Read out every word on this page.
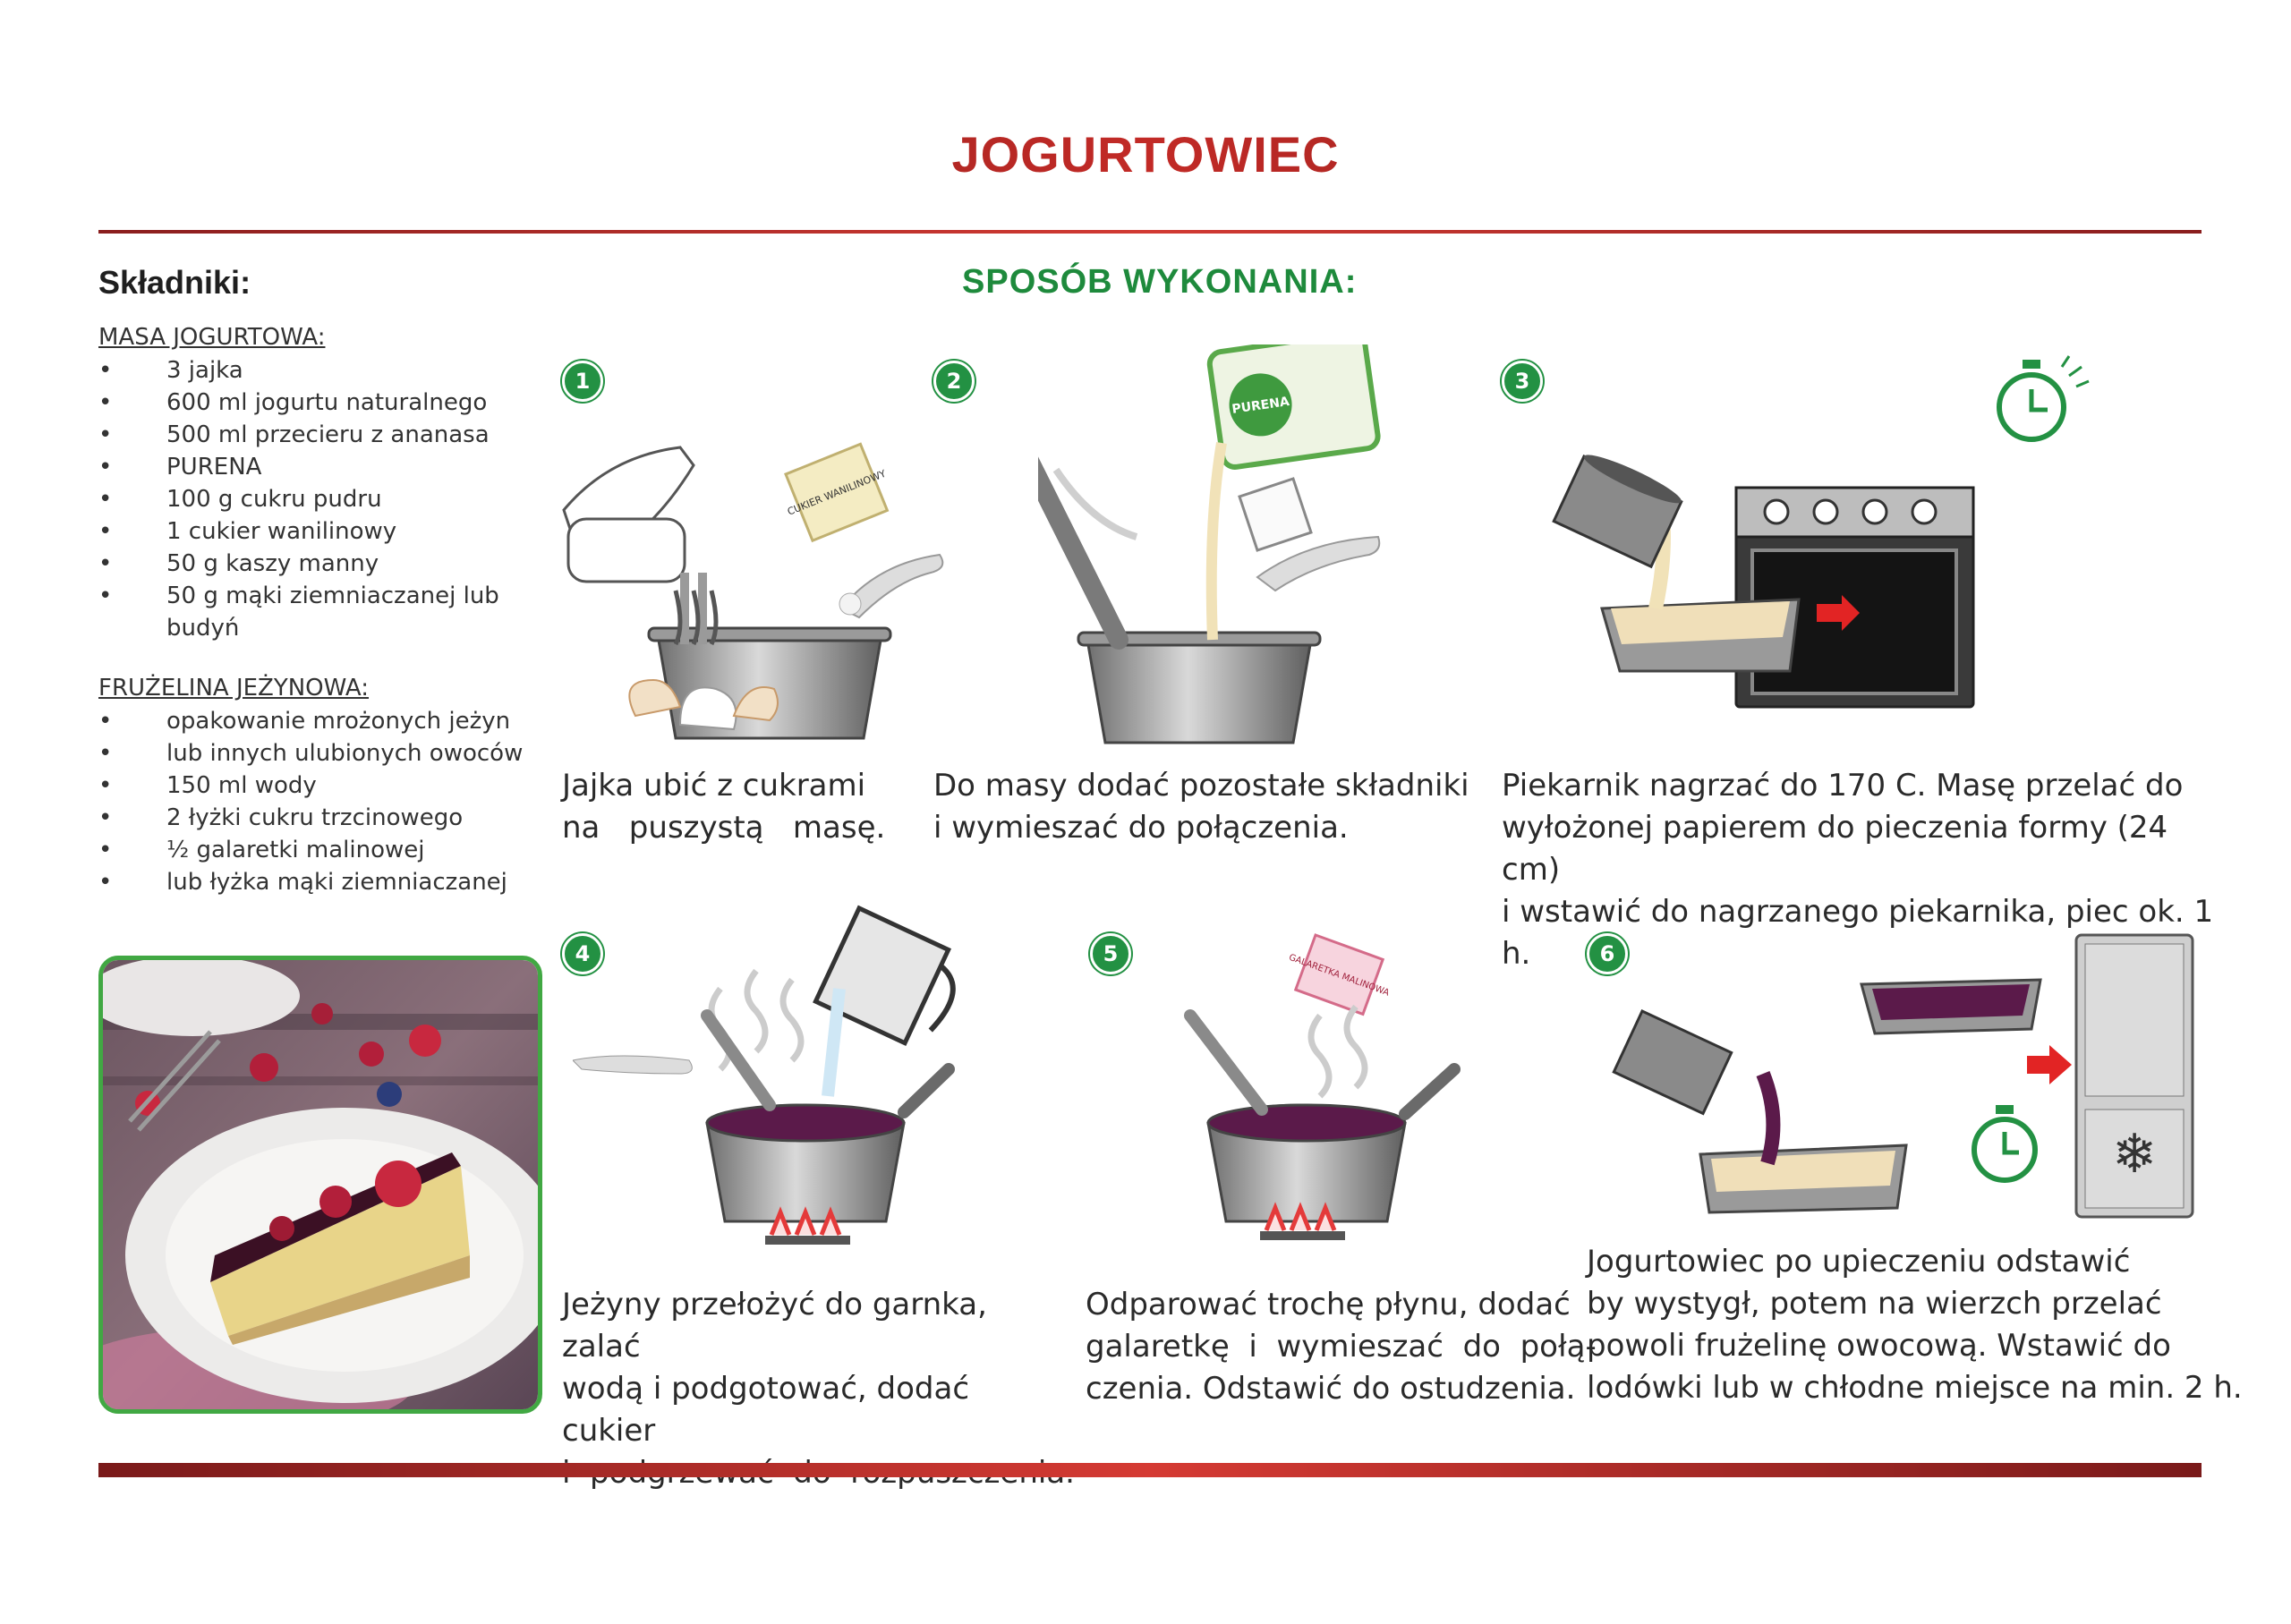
JOGURTOWIEC
Składniki:	SPOSÓB WYKONANIA:
MASA JOGURTOWA:
• 3 jajka
• 600 ml jogurtu naturalnego
• 500 ml przecieru z ananasa
• PURENA
• 100 g cukru pudru
• 1 cukier wanilinowy
• 50 g kaszy manny
• 50 g mąki ziemniaczanej lub budyń
FRUŻELINA JEŻYNOWA:
• opakowanie mrożonych jeżyn
• lub innych ulubionych owoców
• 150 ml wody
• 2 łyżki cukru trzcinowego
• ½ galaretki malinowej
• lub łyżka mąki ziemniaczanej
1	2	3
4	5	6
CUKIER WANILINOWY
PURENA
GALARETKA MALINOWA
❄
Jajka ubić z cukrami
na   puszystą   masę.
Do masy dodać pozostałe składniki
i wymieszać do połączenia.
Piekarnik nagrzać do 170 C. Masę przelać do
wyłożonej papierem do pieczenia formy (24 cm)
i wstawić do nagrzanego piekarnika, piec ok. 1 h.
Jeżyny przełożyć do garnka, zalać
wodą i podgotować, dodać cukier
Odparować trochę płynu, dodać
galaretkę  i  wymieszać  do  połą-
czenia. Odstawić do ostudzenia.
Jogurtowiec po upieczeniu odstawić
by wystygł, potem na wierzch przelać
powoli frużelinę owocową. Wstawić do
lodówki lub w chłodne miejsce na min. 2 h.
